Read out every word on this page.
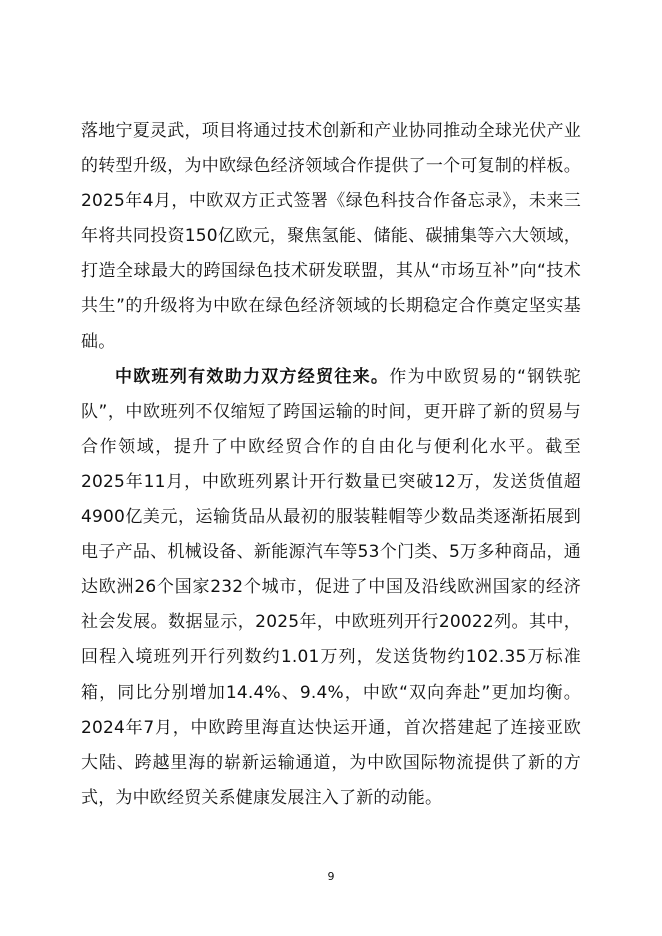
落地宁夏灵武，项目将通过技术创新和产业协同推动全球光伏产业的转型升级，为中欧绿色经济领域合作提供了一个可复制的样板。2025年4月，中欧双方正式签署《绿色科技合作备忘录》，未来三年将共同投资150亿欧元，聚焦氢能、储能、碳捕集等六大领域，打造全球最大的跨国绿色技术研发联盟，其从“市场互补”向“技术共生”的升级将为中欧在绿色经济领域的长期稳定合作奠定坚实基础。

中欧班列有效助力双方经贸往来。作为中欧贸易的“钢铁驼队”，中欧班列不仅缩短了跨国运输的时间，更开辟了新的贸易与合作领域，提升了中欧经贸合作的自由化与便利化水平。截至2025年11月，中欧班列累计开行数量已突破12万，发送货值超4900亿美元，运输货品从最初的服装鞋帽等少数品类逐渐拓展到电子产品、机械设备、新能源汽车等53个门类、5万多种商品，通达欧洲26个国家232个城市，促进了中国及沿线欧洲国家的经济社会发展。数据显示，2025年，中欧班列开行20022列。其中，回程入境班列开行列数约1.01万列，发送货物约102.35万标准箱，同比分别增加14.4%、9.4%，中欧“双向奔赴”更加均衡。2024年7月，中欧跨里海直达快运开通，首次搭建起了连接亚欧大陆、跨越里海的崭新运输通道，为中欧国际物流提供了新的方式，为中欧经贸关系健康发展注入了新的动能。

9
